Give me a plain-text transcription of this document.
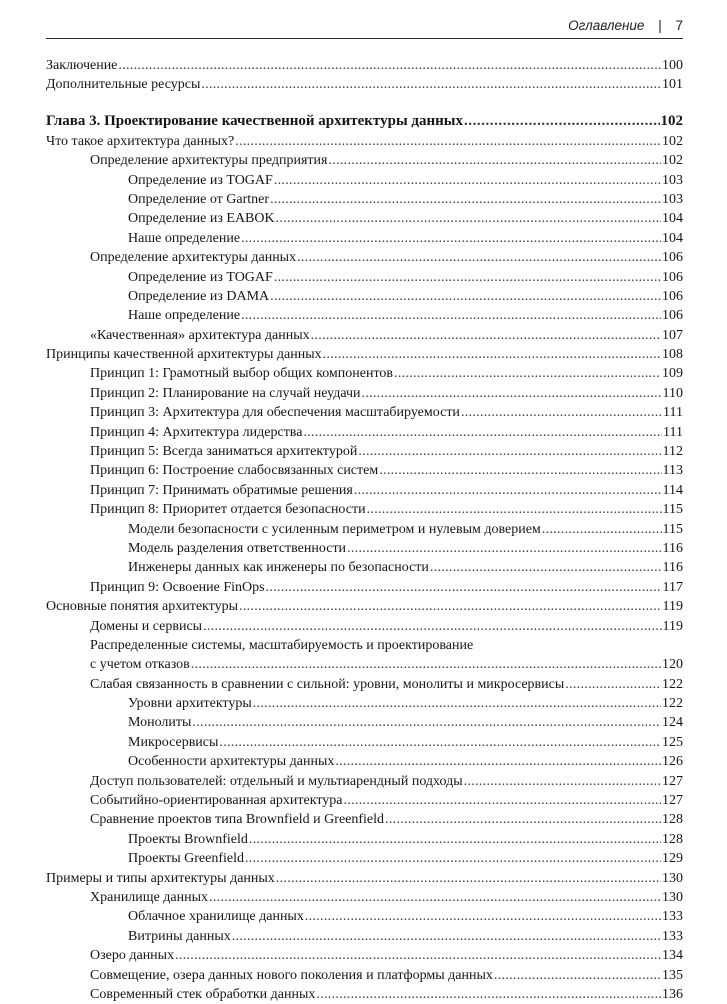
Оглавление | 7
Заключение . . .	100
Дополнительные ресурсы . . .	101
Глава 3. Проектирование качественной архитектуры данных . . .	102
Что такое архитектура данных? . . .	102
Определение архитектуры предприятия . . .	102
Определение из TOGAF . . .	103
Определение от Gartner . . .	103
Определение из EABOK . . .	104
Наше определение . . .	104
Определение архитектуры данных . . .	106
Определение из TOGAF . . .	106
Определение из DAMA . . .	106
Наше определение . . .	106
«Качественная» архитектура данных . . .	107
Принципы качественной архитектуры данных . . .	108
Принцип 1: Грамотный выбор общих компонентов . . .	109
Принцип 2: Планирование на случай неудачи . . .	110
Принцип 3: Архитектура для обеспечения масштабируемости . . .	111
Принцип 4: Архитектура лидерства . . .	111
Принцип 5: Всегда заниматься архитектурой . . .	112
Принцип 6: Построение слабосвязанных систем . . .	113
Принцип 7: Принимать обратимые решения . . .	114
Принцип 8: Приоритет отдается безопасности . . .	115
Модели безопасности с усиленным периметром и нулевым доверием . . .	115
Модель разделения ответственности . . .	116
Инженеры данных как инженеры по безопасности . . .	116
Принцип 9: Освоение FinOps . . .	117
Основные понятия архитектуры . . .	119
Домены и сервисы . . .	119
Распределенные системы, масштабируемость и проектирование
с учетом отказов . . .	120
Слабая связанность в сравнении с сильной: уровни, монолиты и микросервисы . . .	122
Уровни архитектуры . . .	122
Монолиты . . .	124
Микросервисы . . .	125
Особенности архитектуры данных . . .	126
Доступ пользователей: отдельный и мультиарендный подходы . . .	127
Событийно-ориентированная архитектура . . .	127
Сравнение проектов типа Brownfield и Greenfield . . .	128
Проекты Brownfield . . .	128
Проекты Greenfield . . .	129
Примеры и типы архитектуры данных . . .	130
Хранилище данных . . .	130
Облачное хранилище данных . . .	133
Витрины данных . . .	133
Озеро данных . . .	134
Совмещение, озера данных нового поколения и платформы данных . . .	135
Современный стек обработки данных . . .	136
